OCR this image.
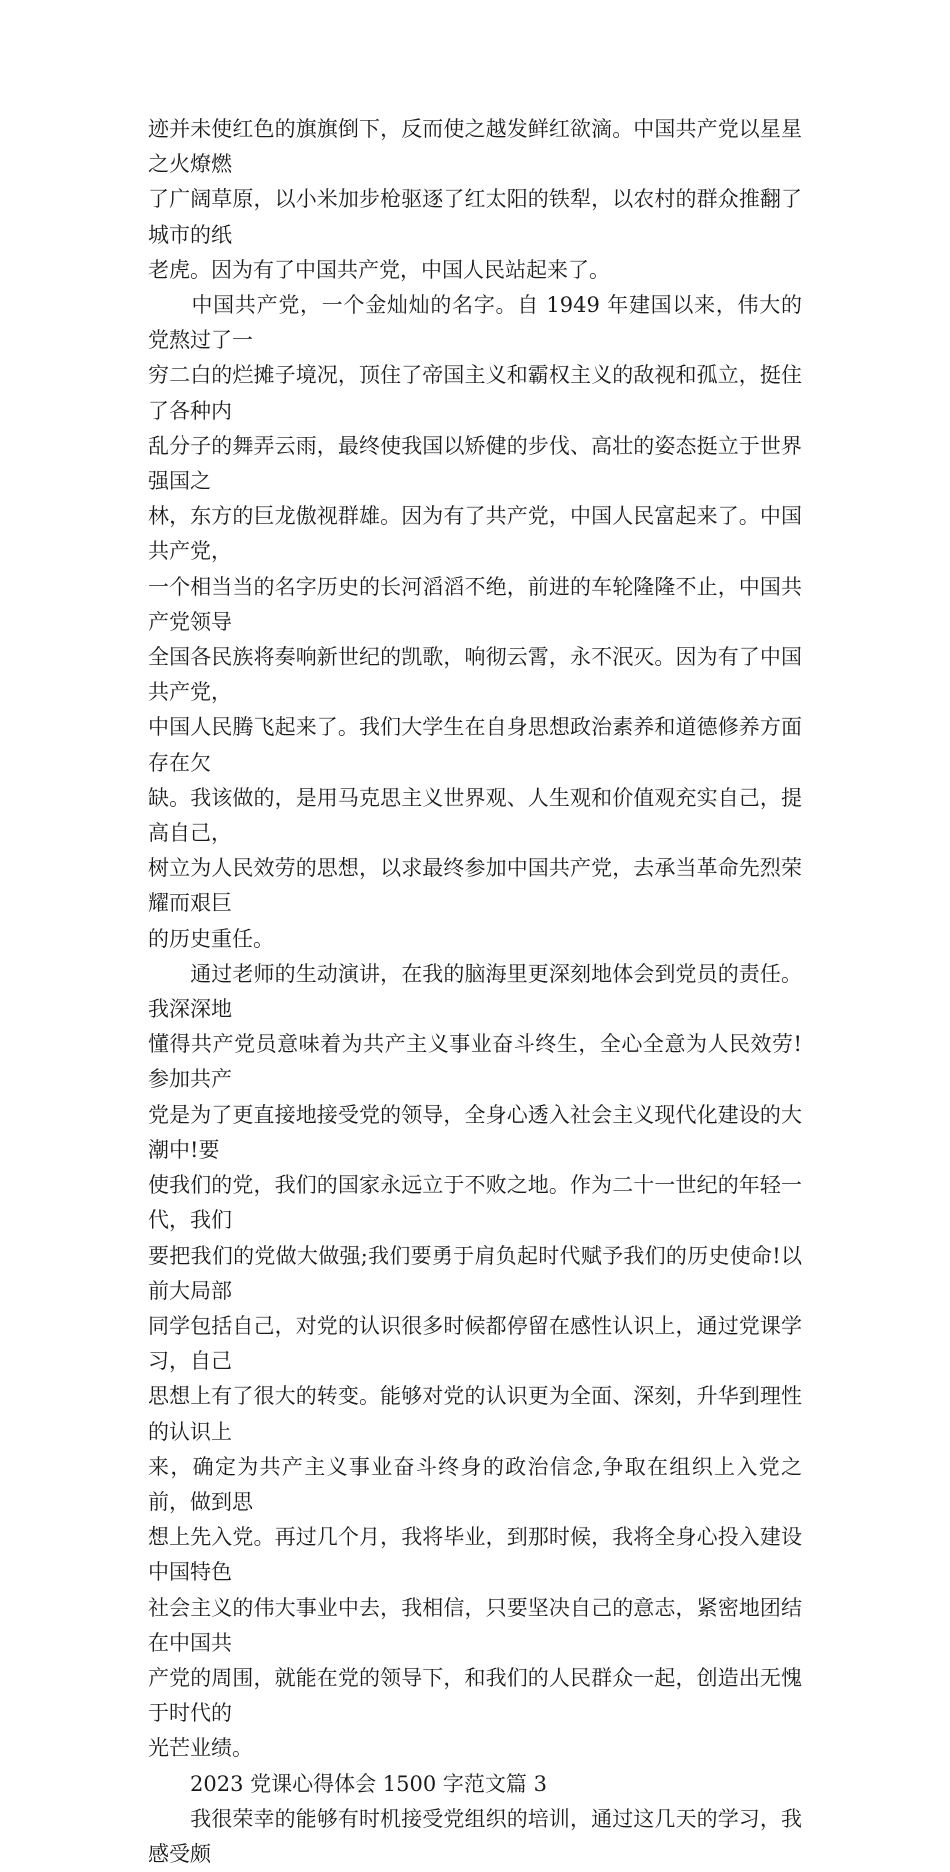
迹并未使红色的旗旗倒下，反而使之越发鲜红欲滴。中国共产党以星星之火燎燃
了广阔草原，以小米加步枪驱逐了红太阳的铁犁，以农村的群众推翻了城市的纸
老虎。因为有了中国共产党，中国人民站起来了。

　　中国共产党，一个金灿灿的名字。自 1949 年建国以来，伟大的党熬过了一
穷二白的烂摊子境况，顶住了帝国主义和霸权主义的敌视和孤立，挺住了各种内
乱分子的舞弄云雨，最终使我国以矫健的步伐、高壮的姿态挺立于世界强国之
林，东方的巨龙傲视群雄。因为有了共产党，中国人民富起来了。中国共产党，
一个相当当的名字历史的长河滔滔不绝，前进的车轮隆隆不止，中国共产党领导
全国各民族将奏响新世纪的凯歌，响彻云霄，永不泯灭。因为有了中国共产党，
中国人民腾飞起来了。我们大学生在自身思想政治素养和道德修养方面存在欠
缺。我该做的，是用马克思主义世界观、人生观和价值观充实自己，提高自己，
树立为人民效劳的思想，以求最终参加中国共产党，去承当革命先烈荣耀而艰巨
的历史重任。

　　通过老师的生动演讲，在我的脑海里更深刻地体会到党员的责任。我深深地
懂得共产党员意味着为共产主义事业奋斗终生，全心全意为人民效劳!参加共产
党是为了更直接地接受党的领导，全身心透入社会主义现代化建设的大潮中!要
使我们的党，我们的国家永远立于不败之地。作为二十一世纪的年轻一代，我们
要把我们的党做大做强;我们要勇于肩负起时代赋予我们的历史使命!以前大局部
同学包括自己，对党的认识很多时候都停留在感性认识上，通过党课学习，自己
思想上有了很大的转变。能够对党的认识更为全面、深刻，升华到理性的认识上
来，确定为共产主义事业奋斗终身的政治信念,争取在组织上入党之前，做到思
想上先入党。再过几个月，我将毕业，到那时候，我将全身心投入建设中国特色
社会主义的伟大事业中去，我相信，只要坚决自己的意志，紧密地团结在中国共
产党的周围，就能在党的领导下，和我们的人民群众一起，创造出无愧于时代的
光芒业绩。

　　2023 党课心得体会 1500 字范文篇 3

　　我很荣幸的能够有时机接受党组织的培训，通过这几天的学习，我感受颇
